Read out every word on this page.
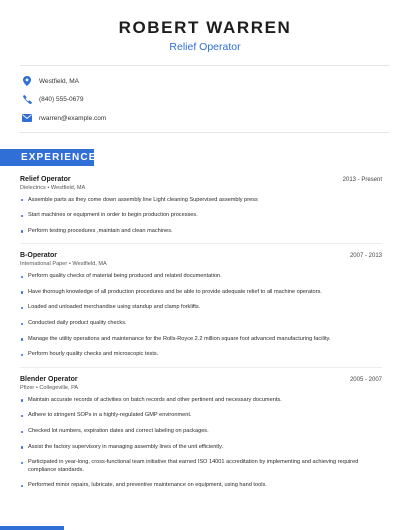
ROBERT WARREN
Relief Operator
Westfield, MA
(840) 555-0679
rwarren@example.com
EXPERIENCE
Relief Operator	2013 - Present
Dielectrics • Westfield, MA
Assemble parts as they come down assembly line Light cleaning Supervised assembly press
Start machines or equipment in order to begin production processes.
Perform testing procedures ,maintain and clean machines.
B-Operator	2007 - 2013
International Paper • Westfield, MA
Perform quality checks of material being produced and related documentation.
Have thorough knowledge of all production procedures and be able to provide adequate relief to all machine operators.
Loaded and unloaded merchandise using standup and clamp forklifts.
Conducted daily product quality checks.
Manage the utility operations and maintenance for the Rolls-Royce 2.2 million square foot advanced manufacturing facility.
Perform hourly quality checks and microscopic tests.
Blender Operator	2005 - 2007
Pfizer • Collegeville, PA
Maintain accurate records of activities on batch records and other pertinent and necessary documents.
Adhere to stringent SOPs in a highly-regulated GMP environment.
Checked lot numbers, expiration dates and correct labeling on packages.
Assist the factory supervisory in managing assembly lines of the unit efficiently.
Participated in year-long, cross-functional team initiative that earned ISO 14001 accreditation by implementing and achieving required compliance standards.
Performed minor repairs, lubricate, and preventive maintenance on equipment, using hand tools.
